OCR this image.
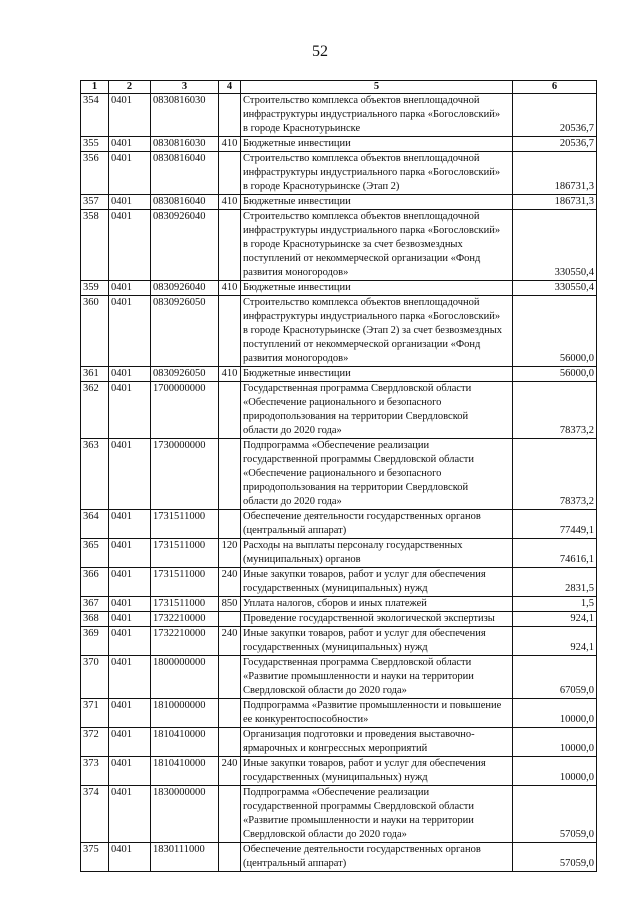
52
1	2	3	4	5	6
354	0401	0830816030		Строительство комплекса объектов внеплощадочной
инфраструктуры индустриального парка «Богословский»
в городе Краснотурьинске	20536,7
355	0401	0830816030	410	Бюджетные инвестиции	20536,7
356	0401	0830816040		Строительство комплекса объектов внеплощадочной
инфраструктуры индустриального парка «Богословский»
в городе Краснотурьинске (Этап 2)	186731,3
357	0401	0830816040	410	Бюджетные инвестиции	186731,3
358	0401	0830926040		Строительство комплекса объектов внеплощадочной
инфраструктуры индустриального парка «Богословский»
в городе Краснотурьинске за счет безвозмездных
поступлений от некоммерческой организации «Фонд
развития моногородов»	330550,4
359	0401	0830926040	410	Бюджетные инвестиции	330550,4
360	0401	0830926050		Строительство комплекса объектов внеплощадочной
инфраструктуры индустриального парка «Богословский»
в городе Краснотурьинске (Этап 2) за счет безвозмездных
поступлений от некоммерческой организации «Фонд
развития моногородов»	56000,0
361	0401	0830926050	410	Бюджетные инвестиции	56000,0
362	0401	1700000000		Государственная программа Свердловской области
«Обеспечение рационального и безопасного
природопользования на территории Свердловской
области до 2020 года»	78373,2
363	0401	1730000000		Подпрограмма «Обеспечение реализации
государственной программы Свердловской области
«Обеспечение рационального и безопасного
природопользования на территории Свердловской
области до 2020 года»	78373,2
364	0401	1731511000		Обеспечение деятельности государственных органов
(центральный аппарат)	77449,1
365	0401	1731511000	120	Расходы на выплаты персоналу государственных
(муниципальных) органов	74616,1
366	0401	1731511000	240	Иные закупки товаров, работ и услуг для обеспечения
государственных (муниципальных) нужд	2831,5
367	0401	1731511000	850	Уплата налогов, сборов и иных платежей	1,5
368	0401	1732210000		Проведение государственной экологической экспертизы	924,1
369	0401	1732210000	240	Иные закупки товаров, работ и услуг для обеспечения
государственных (муниципальных) нужд	924,1
370	0401	1800000000		Государственная программа Свердловской области
«Развитие промышленности и науки на территории
Свердловской области до 2020 года»	67059,0
371	0401	1810000000		Подпрограмма «Развитие промышленности и повышение
ее конкурентоспособности»	10000,0
372	0401	1810410000		Организация подготовки и проведения выставочно-
ярмарочных и конгрессных мероприятий	10000,0
373	0401	1810410000	240	Иные закупки товаров, работ и услуг для обеспечения
государственных (муниципальных) нужд	10000,0
374	0401	1830000000		Подпрограмма «Обеспечение реализации
государственной программы Свердловской области
«Развитие промышленности и науки на территории
Свердловской области до 2020 года»	57059,0
375	0401	1830111000		Обеспечение деятельности государственных органов
(центральный аппарат)	57059,0
